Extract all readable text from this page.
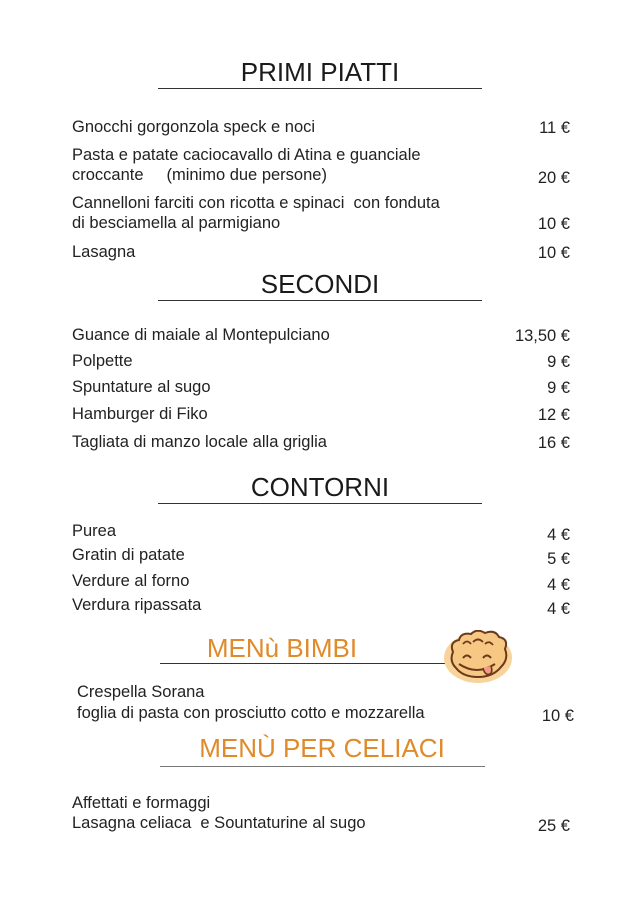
PRIMI PIATTI
Gnocchi gorgonzola speck e noci	11 €
Pasta e patate caciocavallo di Atina e guanciale
croccante     (minimo due persone)	20 €
Cannelloni farciti con ricotta e spinaci  con fonduta
di besciamella al parmigiano	10 €
Lasagna	10 €
SECONDI
Guance di maiale al Montepulciano	13,50 €
Polpette	9 €
Spuntature al sugo	9 €
Hamburger di Fiko	12 €
Tagliata di manzo locale alla griglia	16 €
CONTORNI
Purea	4 €
Gratin di patate	5 €
Verdure al forno	4 €
Verdura ripassata	4 €
MENù BIMBI
Crespella Sorana
foglia di pasta con prosciutto cotto e mozzarella	10 €
MENÙ PER CELIACI
Affettati e formaggi
Lasagna celiaca  e Sountaturine al sugo	25 €
